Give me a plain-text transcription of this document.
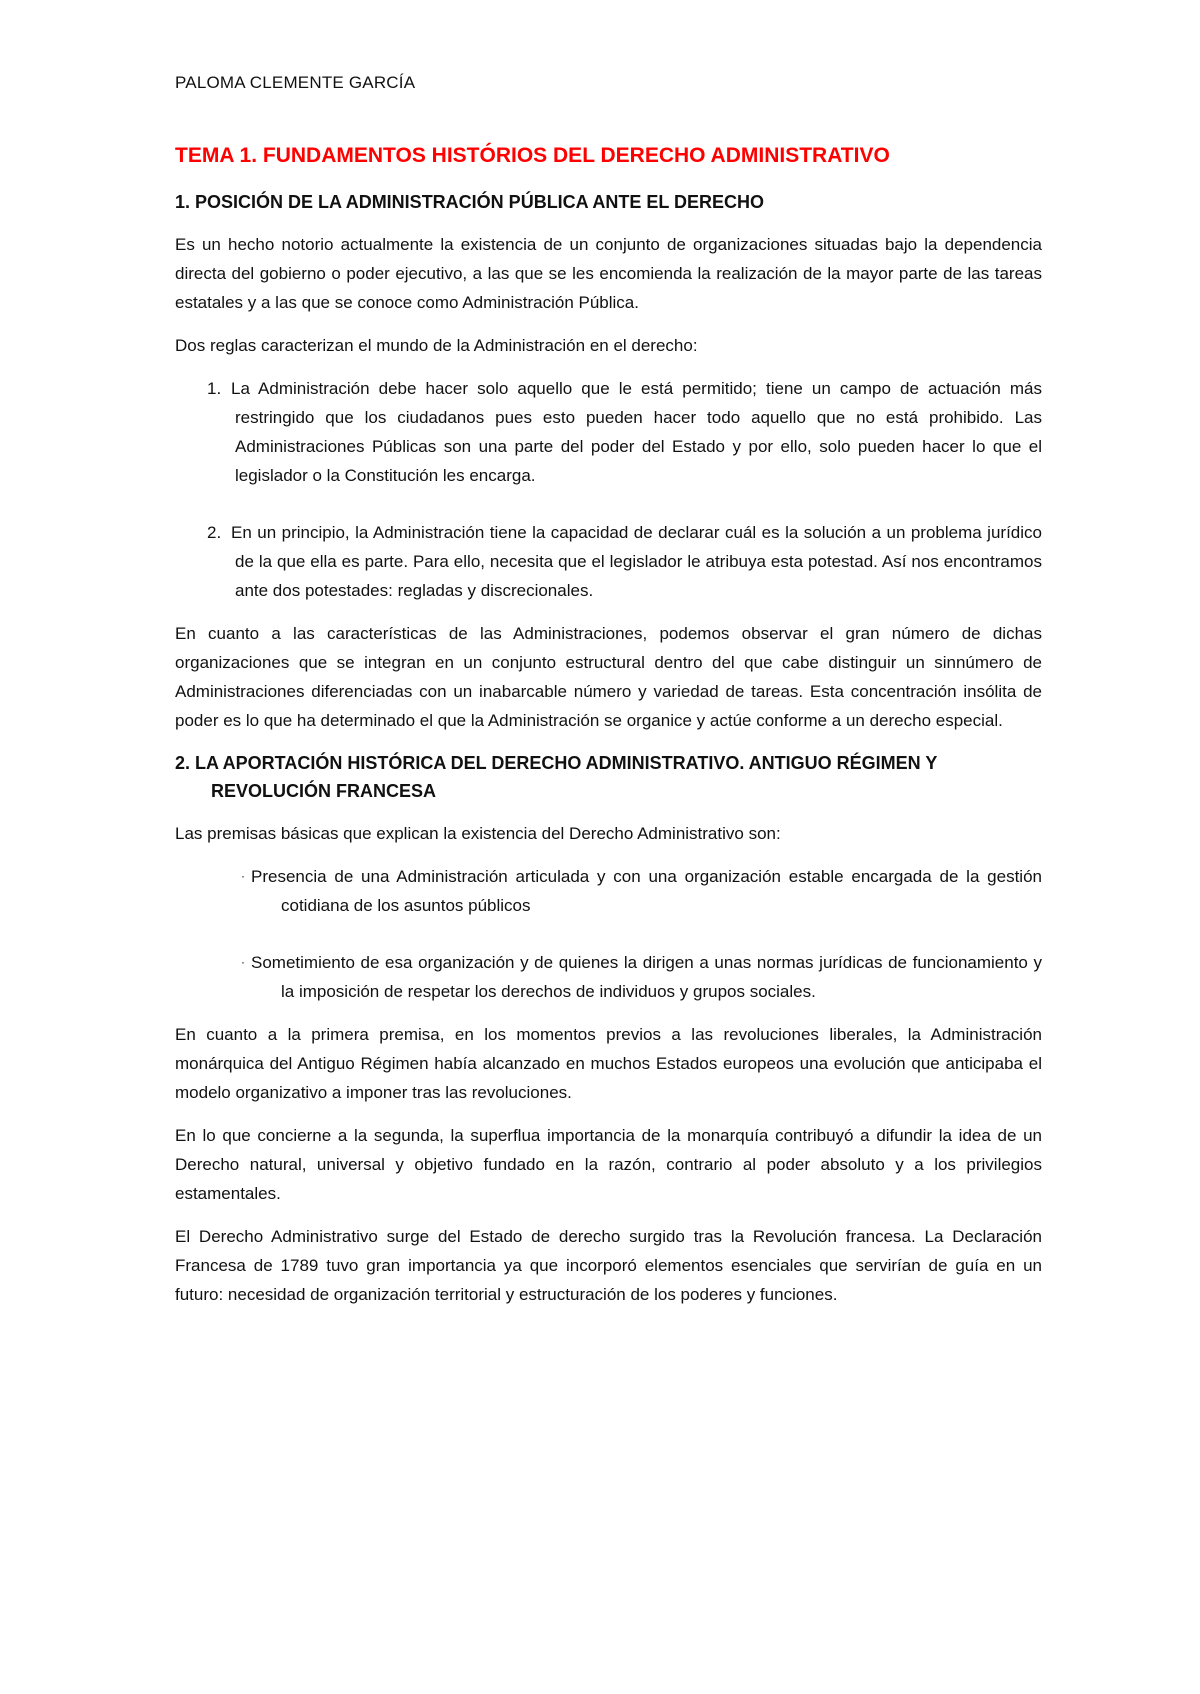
PALOMA CLEMENTE GARCÍA
TEMA 1. FUNDAMENTOS HISTÓRIOS DEL DERECHO ADMINISTRATIVO
1. POSICIÓN DE LA ADMINISTRACIÓN PÚBLICA ANTE EL DERECHO

Es un hecho notorio actualmente la existencia de un conjunto de organizaciones situadas bajo la dependencia directa del gobierno o poder ejecutivo, a las que se les encomienda la realización de la mayor parte de las tareas estatales y a las que se conoce como Administración Pública.

Dos reglas caracterizan el mundo de la Administración en el derecho:

1. La Administración debe hacer solo aquello que le está permitido; tiene un campo de actuación más restringido que los ciudadanos pues esto pueden hacer todo aquello que no está prohibido. Las Administraciones Públicas son una parte del poder del Estado y por ello, solo pueden hacer lo que el legislador o la Constitución les encarga.
2. En un principio, la Administración tiene la capacidad de declarar cuál es la solución a un problema jurídico de la que ella es parte. Para ello, necesita que el legislador le atribuya esta potestad. Así nos encontramos ante dos potestades: regladas y discrecionales.

En cuanto a las características de las Administraciones, podemos observar el gran número de dichas organizaciones que se integran en un conjunto estructural dentro del que cabe distinguir un sinnúmero de Administraciones diferenciadas con un inabarcable número y variedad de tareas. Esta concentración insólita de poder es lo que ha determinado el que la Administración se organice y actúe conforme a un derecho especial.

2. LA APORTACIÓN HISTÓRICA DEL DERECHO ADMINISTRATIVO. ANTIGUO RÉGIMEN Y REVOLUCIÓN FRANCESA

Las premisas básicas que explican la existencia del Derecho Administrativo son:

· Presencia de una Administración articulada y con una organización estable encargada de la gestión cotidiana de los asuntos públicos
· Sometimiento de esa organización y de quienes la dirigen a unas normas jurídicas de funcionamiento y la imposición de respetar los derechos de individuos y grupos sociales.

En cuanto a la primera premisa, en los momentos previos a las revoluciones liberales, la Administración monárquica del Antiguo Régimen había alcanzado en muchos Estados europeos una evolución que anticipaba el modelo organizativo a imponer tras las revoluciones.

En lo que concierne a la segunda, la superflua importancia de la monarquía contribuyó a difundir la idea de un Derecho natural, universal y objetivo fundado en la razón, contrario al poder absoluto y a los privilegios estamentales.

El Derecho Administrativo surge del Estado de derecho surgido tras la Revolución francesa. La Declaración Francesa de 1789 tuvo gran importancia ya que incorporó elementos esenciales que servirían de guía en un futuro: necesidad de organización territorial y estructuración de los poderes y funciones.
